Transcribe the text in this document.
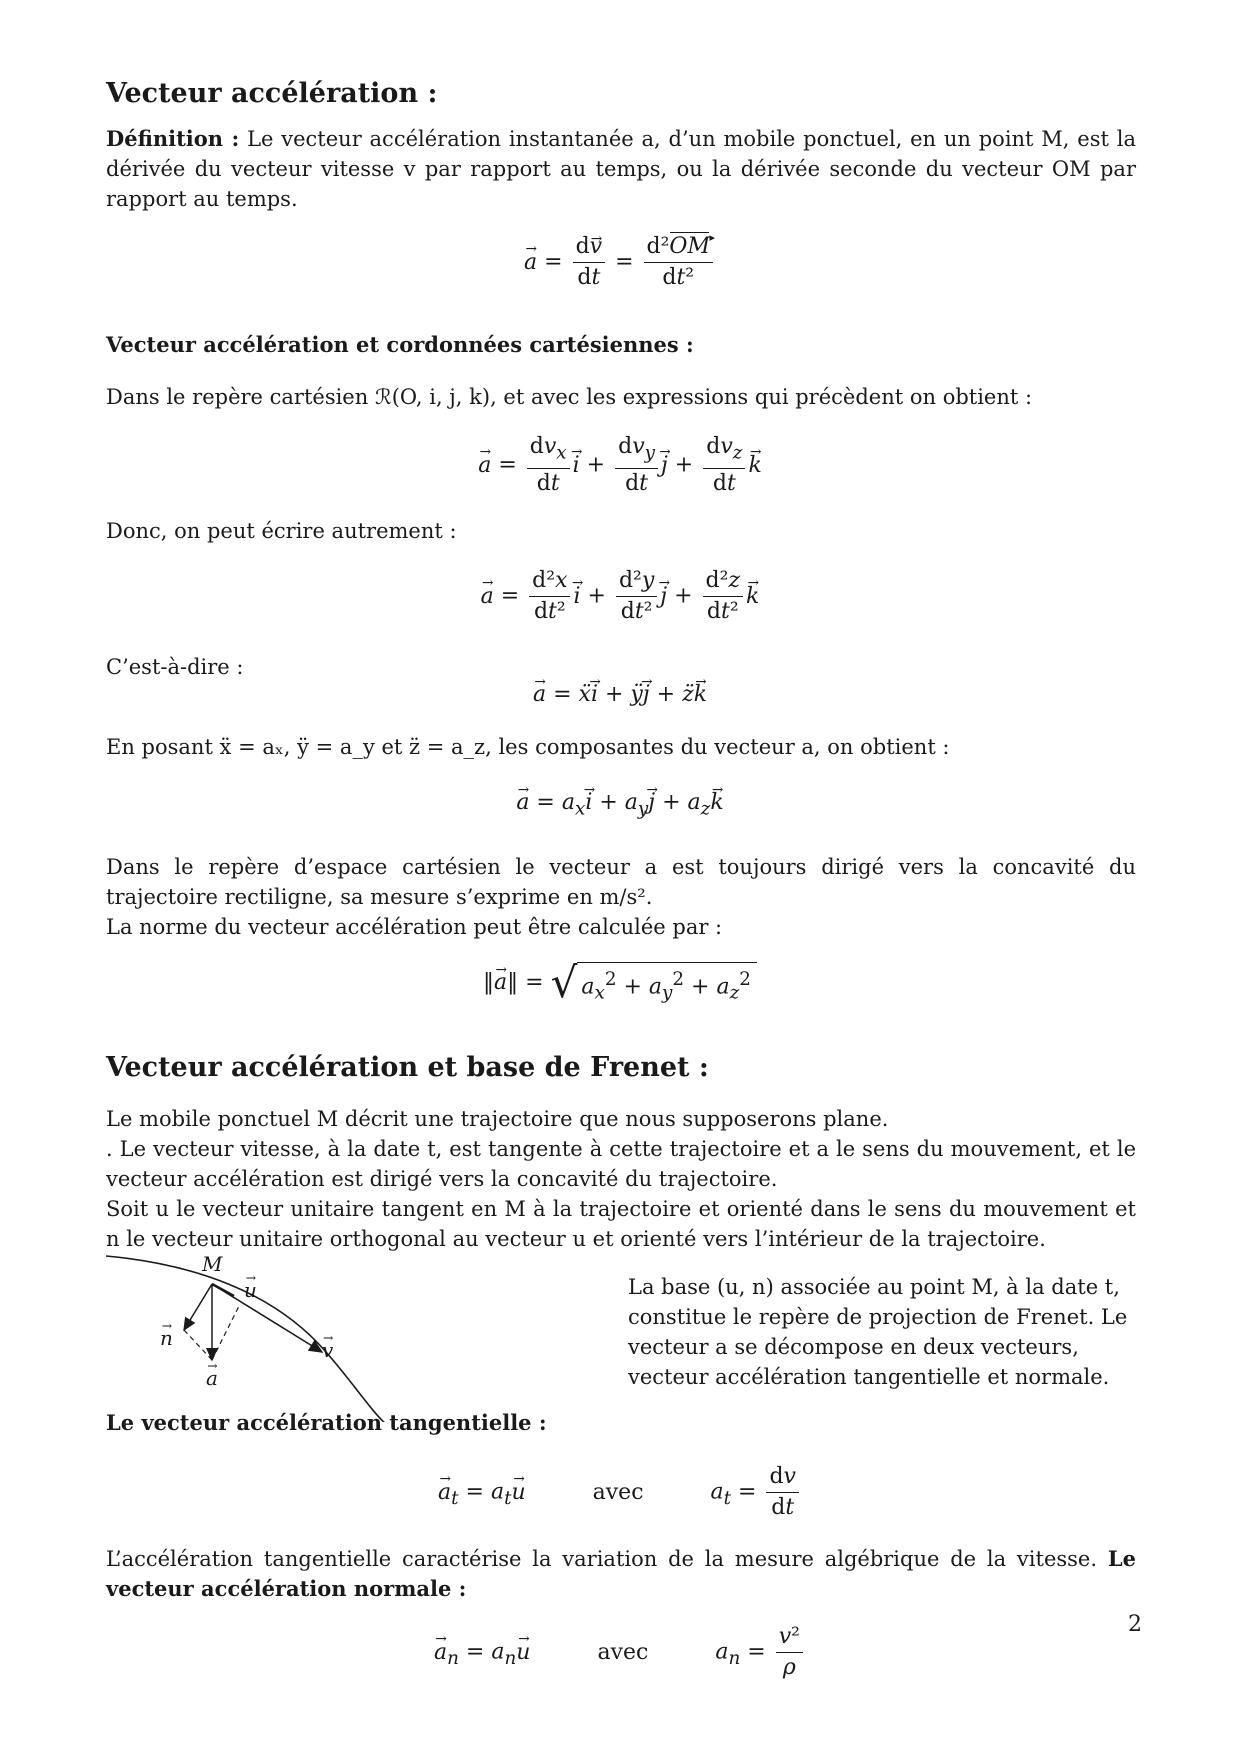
Vecteur accélération :

Définition : Le vecteur accélération instantanée a, d’un mobile ponctuel, en un point M, est la dérivée du vecteur vitesse v par rapport au temps, ou la dérivée seconde du vecteur OM par rapport au temps.

→ $a = \frac{d\to v}{dt} = \frac{\text{d²OM ▸}}{\text{dt²}}$
Vecteur accélération et cordonnées cartésiennes :

Dans le repère cartésien ℛ(O, i, j, k), et avec les expressions qui précèdent on obtient :

→ $a = \frac{dv_x}{dt}$
→ $i + \frac{dv_y}{dt}$
→ $j + \frac{dv_z}{dt}$
→ k

Donc, on peut écrire autrement :

→ $a = \frac{\text{d²x}}{\text{dt²}}$
→ $i + \frac{\text{d²y}}{\text{dt²}}$
→ $j + \frac{\text{d²z}}{\text{dt²}}$
→ k

C’est-à-dire :

→ a = ẍ→ i + ÿ→ j + z̈→ k

En posant ẍ = aₓ, ÿ = a_y et z̈ = a_z, les composantes du vecteur a, on obtient :

→ $a = a_x\to i + a_y\to j + a_z\to k$

Dans le repère d’espace cartésien le vecteur a est toujours dirigé vers la concavité du trajectoire rectiligne, sa mesure s’exprime en m/s².

La norme du vecteur accélération peut être calculée par :

‖→ a‖ = √ $a_x^2 + a_y^2 + a_z^2$
Vecteur accélération et base de Frenet :

Le mobile ponctuel M décrit une trajectoire que nous supposerons plane.

. Le vecteur vitesse, à la date t, est tangente à cette trajectoire et a le sens du mouvement, et le vecteur accélération est dirigé vers la concavité du trajectoire.

Soit u le vecteur unitaire tangent en M à la trajectoire et orienté dans le sens du mouvement et n le vecteur unitaire orthogonal au vecteur u et orienté vers l’intérieur de la trajectoire.

M
→ u
→ n
→	v
→ a

La base (u, n) associée au point M, à la date t, constitue le repère de projection de Frenet. Le vecteur a se décompose en deux vecteurs, vecteur accélération tangentielle et normale.

Le vecteur accélération tangentielle :
→ $a_t = a_t\to u$	avec	$a_t = \frac{dv}{dt}$

L’accélération tangentielle caractérise la variation de la mesure algébrique de la vitesse. Le vecteur accélération normale :

→ $a_n = a_n\to u$	avec	$a_n = \frac{\text{v²}}{\rho}$	2
